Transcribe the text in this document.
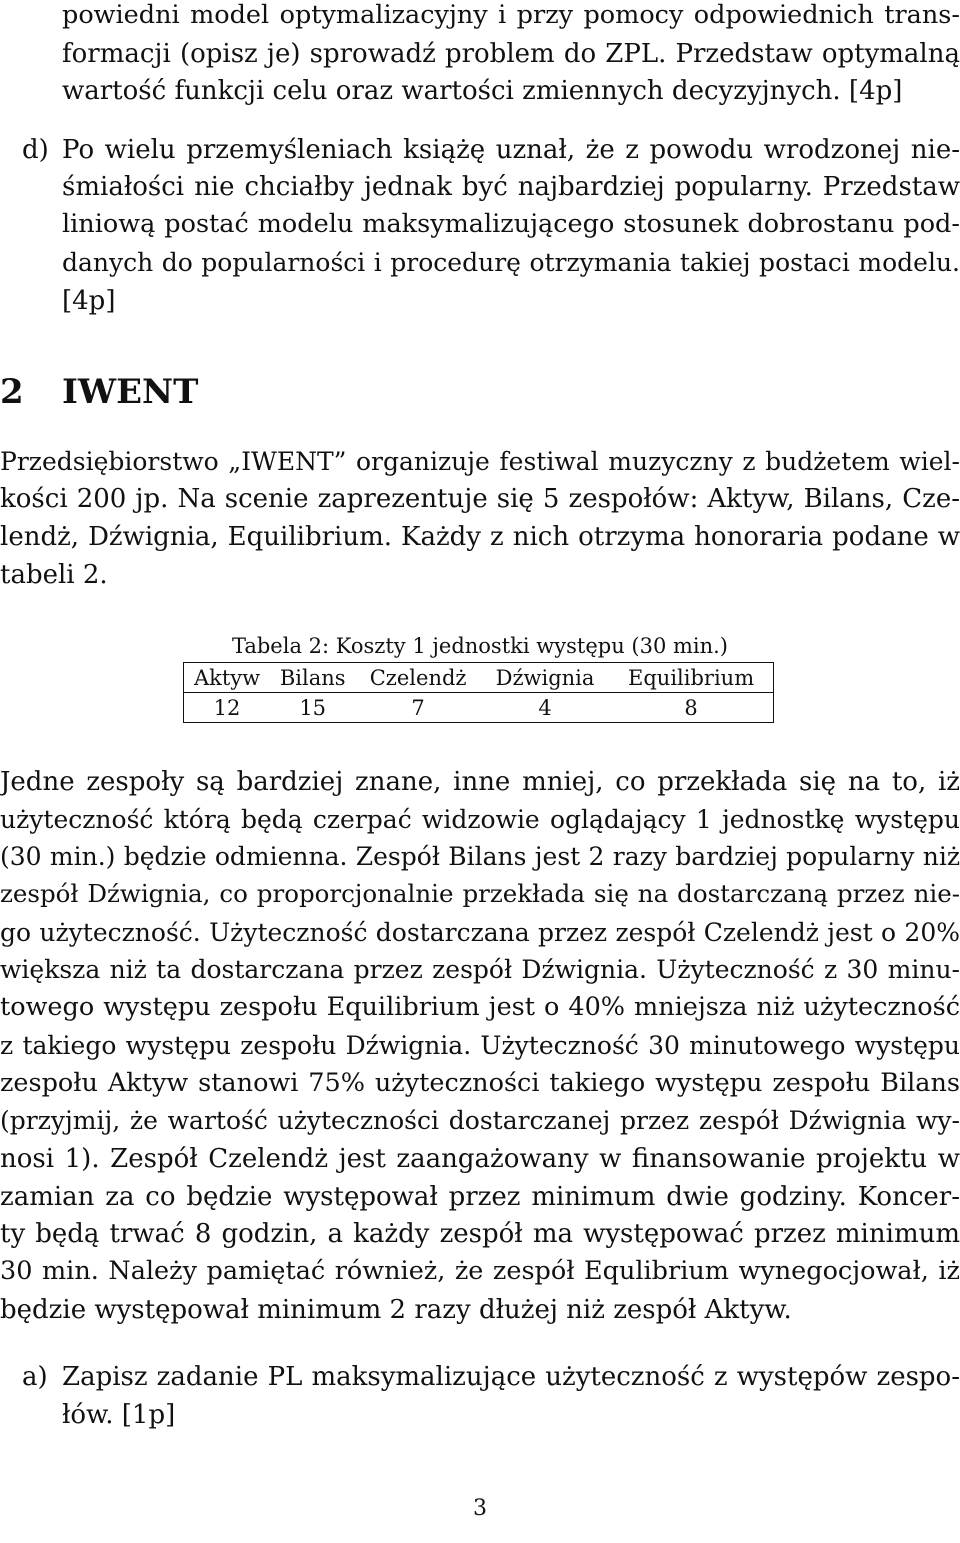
powiedni model optymalizacyjny i przy pomocy odpowiednich trans-
formacji (opisz je) sprowadź problem do ZPL. Przedstaw optymalną
wartość funkcji celu oraz wartości zmiennych decyzyjnych. [4p]
d) Po wielu przemyśleniach książę uznał, że z powodu wrodzonej nie-
śmiałości nie chciałby jednak być najbardziej popularny. Przedstaw
liniową postać modelu maksymalizującego stosunek dobrostanu pod-
danych do popularności i procedurę otrzymania takiej postaci modelu.
[4p]
2 IWENT
Przedsiębiorstwo „IWENT” organizuje festiwal muzyczny z budżetem wiel-
kości 200 jp. Na scenie zaprezentuje się 5 zespołów: Aktyw, Bilans, Cze-
lendż, Dźwignia, Equilibrium. Każdy z nich otrzyma honoraria podane w
tabeli 2.
Tabela 2: Koszty 1 jednostki występu (30 min.)
Aktyw	Bilans	Czelendż	Dźwignia	Equilibrium
12	15	7	4	8
Jedne zespoły są bardziej znane, inne mniej, co przekłada się na to, iż
użyteczność którą będą czerpać widzowie oglądający 1 jednostkę występu
(30 min.) będzie odmienna. Zespół Bilans jest 2 razy bardziej popularny niż
zespół Dźwignia, co proporcjonalnie przekłada się na dostarczaną przez nie-
go użyteczność. Użyteczność dostarczana przez zespół Czelendż jest o 20%
większa niż ta dostarczana przez zespół Dźwignia. Użyteczność z 30 minu-
towego występu zespołu Equilibrium jest o 40% mniejsza niż użyteczność
z takiego występu zespołu Dźwignia. Użyteczność 30 minutowego występu
zespołu Aktyw stanowi 75% użyteczności takiego występu zespołu Bilans
(przyjmij, że wartość użyteczności dostarczanej przez zespół Dźwignia wy-
nosi 1). Zespół Czelendż jest zaangażowany w finansowanie projektu w
zamian za co będzie występował przez minimum dwie godziny. Koncer-
ty będą trwać 8 godzin, a każdy zespół ma występować przez minimum
30 min. Należy pamiętać również, że zespół Equlibrium wynegocjował, iż
będzie występował minimum 2 razy dłużej niż zespół Aktyw.
a) Zapisz zadanie PL maksymalizujące użyteczność z występów zespo-
łów. [1p]
3
